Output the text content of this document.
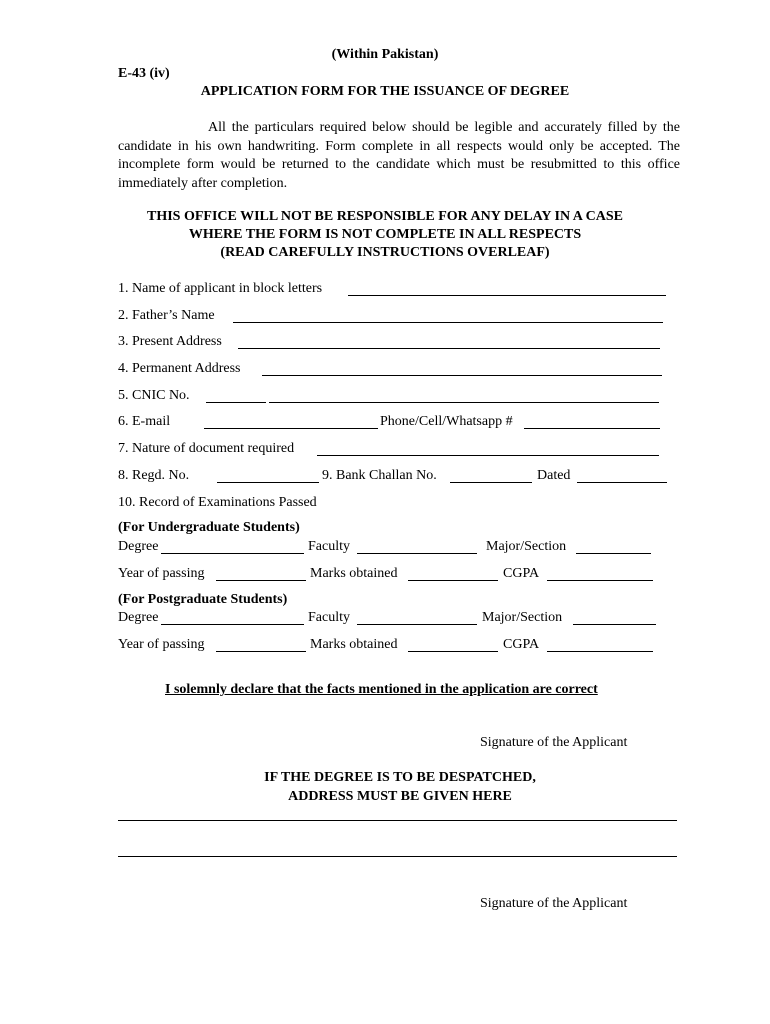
(Within Pakistan)
E-43 (iv)
APPLICATION FORM FOR THE ISSUANCE OF DEGREE
All the particulars required below should be legible and accurately filled by the candidate in his own handwriting. Form complete in all respects would only be accepted. The incomplete form would be returned to the candidate which must be resubmitted to this office immediately after completion.
THIS OFFICE WILL NOT BE RESPONSIBLE FOR ANY DELAY IN A CASE
WHERE THE FORM IS NOT COMPLETE IN ALL RESPECTS
(READ CAREFULLY INSTRUCTIONS OVERLEAF)
1. Name of applicant in block letters
2. Father’s Name
3. Present Address
4. Permanent Address
5. CNIC No.
6. E-mail	Phone/Cell/Whatsapp #
7. Nature of document required
8. Regd. No.	9. Bank Challan No.	Dated
10. Record of Examinations Passed
(For Undergraduate Students)
Degree	Faculty	Major/Section
Year of passing	Marks obtained	CGPA
(For Postgraduate Students)
Degree	Faculty	Major/Section
Year of passing	Marks obtained	CGPA
I solemnly declare that the facts mentioned in the application are correct
Signature of the Applicant
IF THE DEGREE IS TO BE DESPATCHED,
ADDRESS MUST BE GIVEN HERE
Signature of the Applicant
